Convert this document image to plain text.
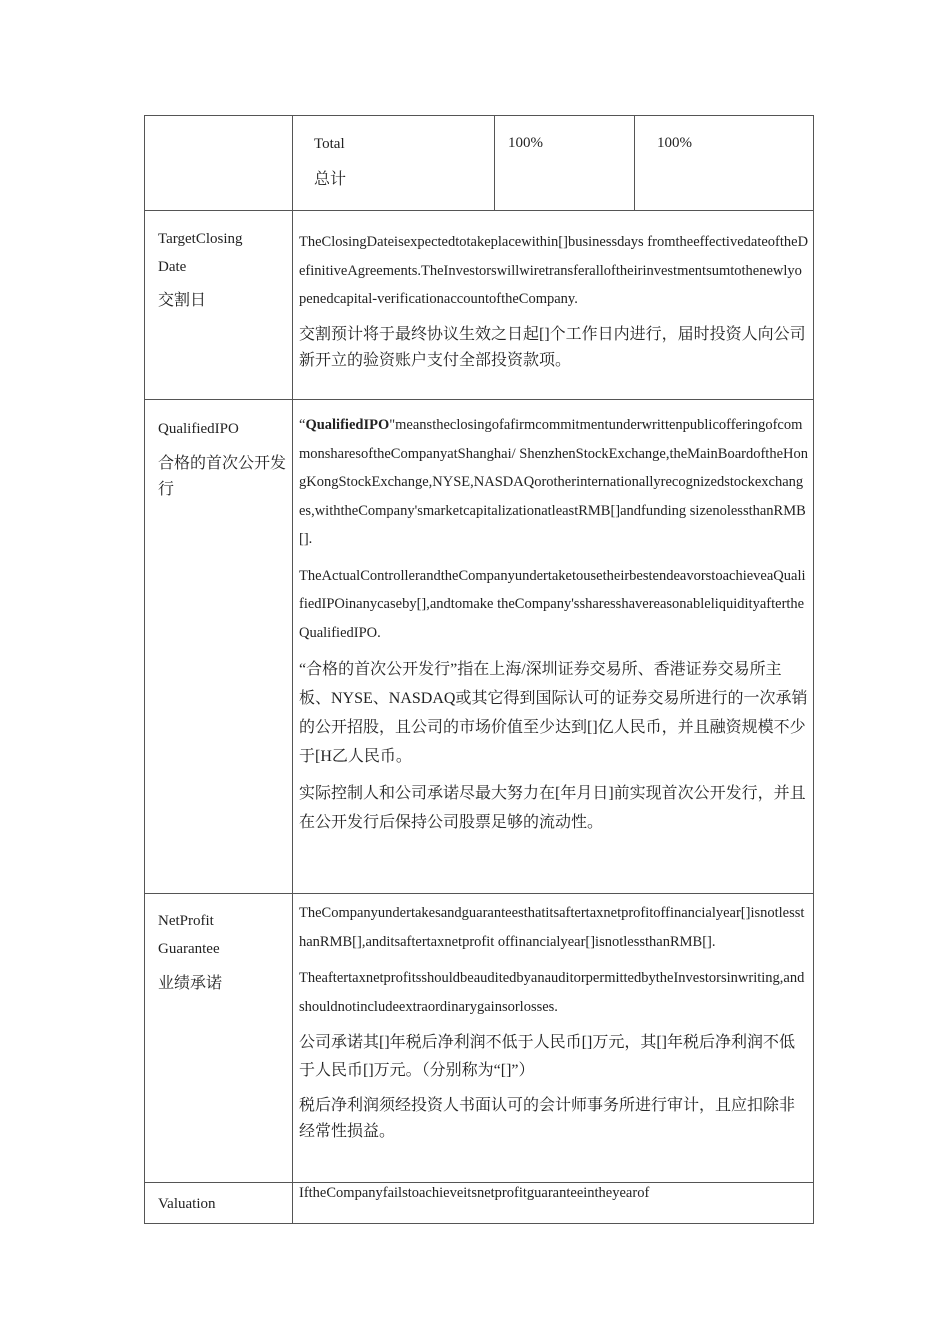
Total
总计
100%	100%
TargetClosing
Date
交割日

TheClosingDateisexpectedtotakeplacewithin[]businessdays fromtheeffectivedateoftheDefinitiveAgreements.TheInvestorswillwiretransferalloftheirinvestmentsumtothenewlyopenedcapital-verificationaccountoftheCompany.

交割预计将于最终协议生效之日起[]个工作日内进行，届时投资人向公司新开立的验资账户支付全部投资款项。

QualifiedIPO
合格的首次公开发行

“QualifiedIPO"meanstheclosingofafirmcommitmentunderwrittenpublicofferingofcommonsharesoftheCompanyatShanghai/ ShenzhenStockExchange,theMainBoardoftheHongKongStockExchange,NYSE,NASDAQorotherinternationallyrecognizedstockexchanges,withtheCompany'smarketcapitalizationatleastRMB[]andfunding sizenolessthanRMB[].

TheActualControllerandtheCompanyundertaketousetheirbestendeavorstoachieveaQualifiedIPOinanycaseby[],andtomake theCompany'ssharesshavereasonableliquidityaftertheQualifiedIPO.

“合格的首次公开发行”指在上海/深圳证券交易所、香港证券交易所主板、NYSE、NASDAQ或其它得到国际认可的证券交易所进行的一次承销的公开招股，且公司的市场价值至少达到[]亿人民币，并且融资规模不少于[H乙人民币。

实际控制人和公司承诺尽最大努力在[年月日]前实现首次公开发行，并且在公开发行后保持公司股票足够的流动性。

NetProfit
Guarantee
业绩承诺

TheCompanyundertakesandguaranteesthatitsaftertaxnetprofitoffinancialyear[]isnotlessthanRMB[],anditsaftertaxnetprofit offinancialyear[]isnotlessthanRMB[].

TheaftertaxnetprofitsshouldbeauditedbyanauditorpermittedbytheInvestorsinwriting,andshouldnotincludeextraordinarygainsorlosses.

公司承诺其[]年税后净利润不低于人民币[]万元，其[]年税后净利润不低于人民币[]万元。（分别称为“[]”）

税后净利润须经投资人书面认可的会计师事务所进行审计，且应扣除非经常性损益。

Valuation
IftheCompanyfailstoachieveitsnetprofitguaranteeintheyearof
